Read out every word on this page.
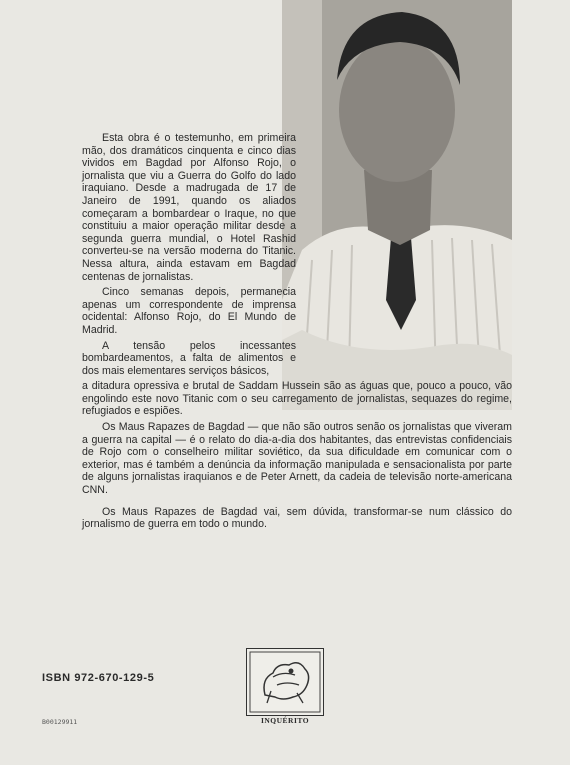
Esta obra é o testemunho, em primeira mão, dos dramáticos cinquenta e cinco dias vividos em Bagdad por Alfonso Rojo, o jornalista que viu a Guerra do Golfo do lado iraquiano. Desde a madrugada de 17 de Janeiro de 1991, quando os aliados começaram a bombardear o Iraque, no que constituiu a maior operação militar desde a segunda guerra mundial, o Hotel Rashid converteu-se na versão moderna do Titanic. Nessa altura, ainda estavam em Bagdad centenas de jornalistas.

Cinco semanas depois, permanecia apenas um correspondente de imprensa ocidental: Alfonso Rojo, do El Mundo de Madrid.

A tensão pelos incessantes bombardeamentos, a falta de alimentos e dos mais elementares serviços básicos,

a ditadura opressiva e brutal de Saddam Hussein são as águas que, pouco a pouco, vão engolindo este novo Titanic com o seu carregamento de jornalistas, sequazes do regime, refugiados e espiões.

Os Maus Rapazes de Bagdad — que não são outros senão os jornalistas que viveram a guerra na capital — é o relato do dia-a-dia dos habitantes, das entrevistas confidenciais de Rojo com o conselheiro militar soviético, da sua dificuldade em comunicar com o exterior, mas é também a denúncia da informação manipulada e sensacionalista por parte de alguns jornalistas iraquianos e de Peter Arnett, da cadeia de televisão norte-americana CNN.

Os Maus Rapazes de Bagdad vai, sem dúvida, transformar-se num clássico do jornalismo de guerra em todo o mundo.

ISBN 972-670-129-5
B00129911	INQUÉRITO
